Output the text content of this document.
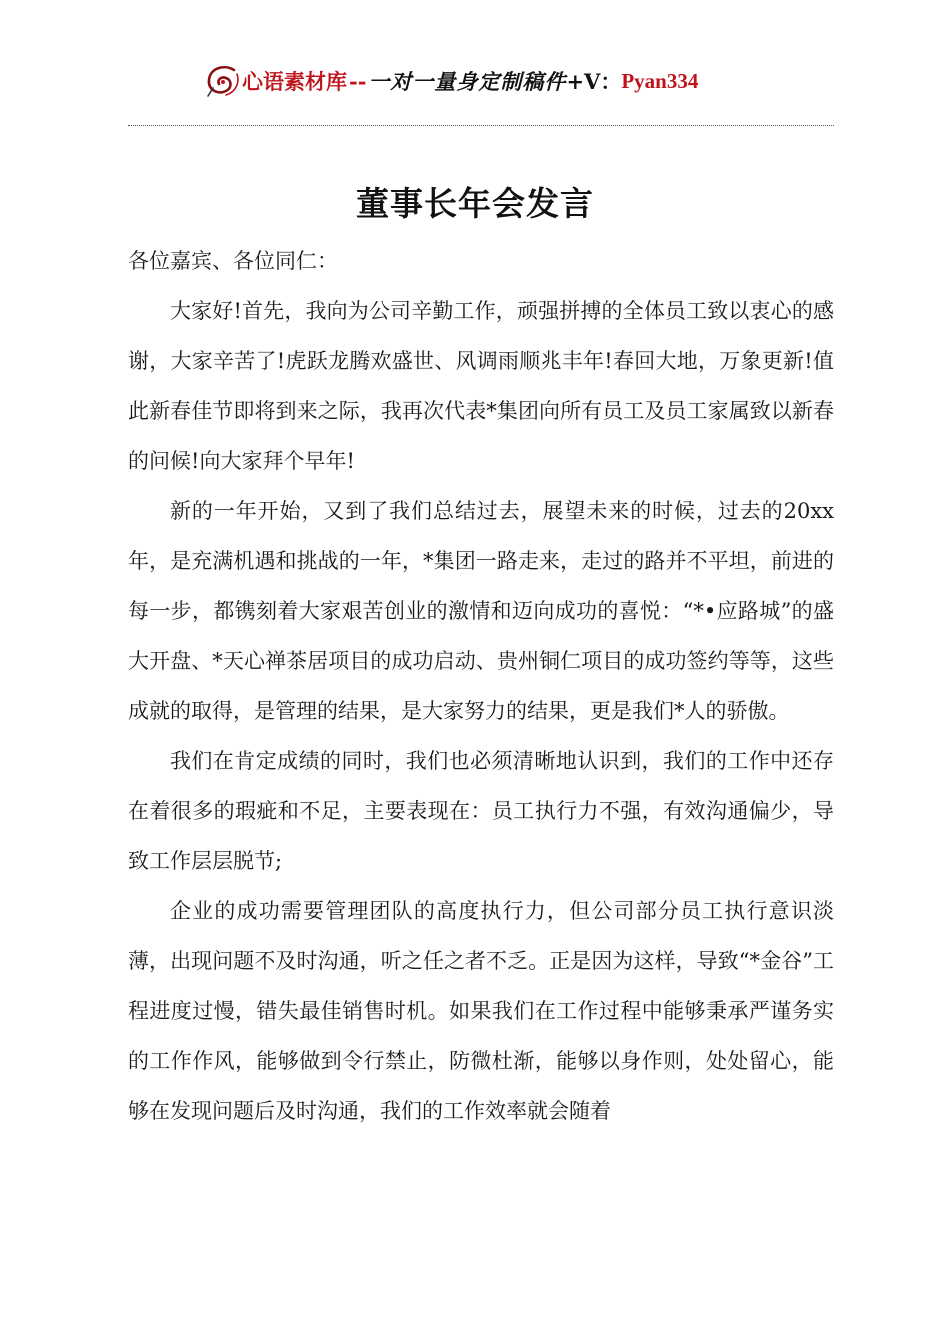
心语素材库 -- 一对一量身定制稿件 +V： Pyan334
董事长年会发言

各位嘉宾、各位同仁：

大家好!首先，我向为公司辛勤工作，顽强拼搏的全体员工致以衷心的感谢，大家辛苦了!虎跃龙腾欢盛世、风调雨顺兆丰年!春回大地，万象更新!值此新春佳节即将到来之际，我再次代表*集团向所有员工及员工家属致以新春的问候!向大家拜个早年!

新的一年开始，又到了我们总结过去，展望未来的时候，过去的20xx年，是充满机遇和挑战的一年，*集团一路走来，走过的路并不平坦，前进的每一步，都镌刻着大家艰苦创业的激情和迈向成功的喜悦：“*•应路城”的盛大开盘、*天心禅茶居项目的成功启动、贵州铜仁项目的成功签约等等，这些成就的取得，是管理的结果，是大家努力的结果，更是我们*人的骄傲。

我们在肯定成绩的同时，我们也必须清晰地认识到，我们的工作中还存在着很多的瑕疵和不足，主要表现在：员工执行力不强，有效沟通偏少，导致工作层层脱节;

企业的成功需要管理团队的高度执行力，但公司部分员工执行意识淡薄，出现问题不及时沟通，听之任之者不乏。正是因为这样，导致“*金谷”工程进度过慢，错失最佳销售时机。如果我们在工作过程中能够秉承严谨务实的工作作风，能够做到令行禁止，防微杜渐，能够以身作则，处处留心，能够在发现问题后及时沟通，我们的工作效率就会随着
